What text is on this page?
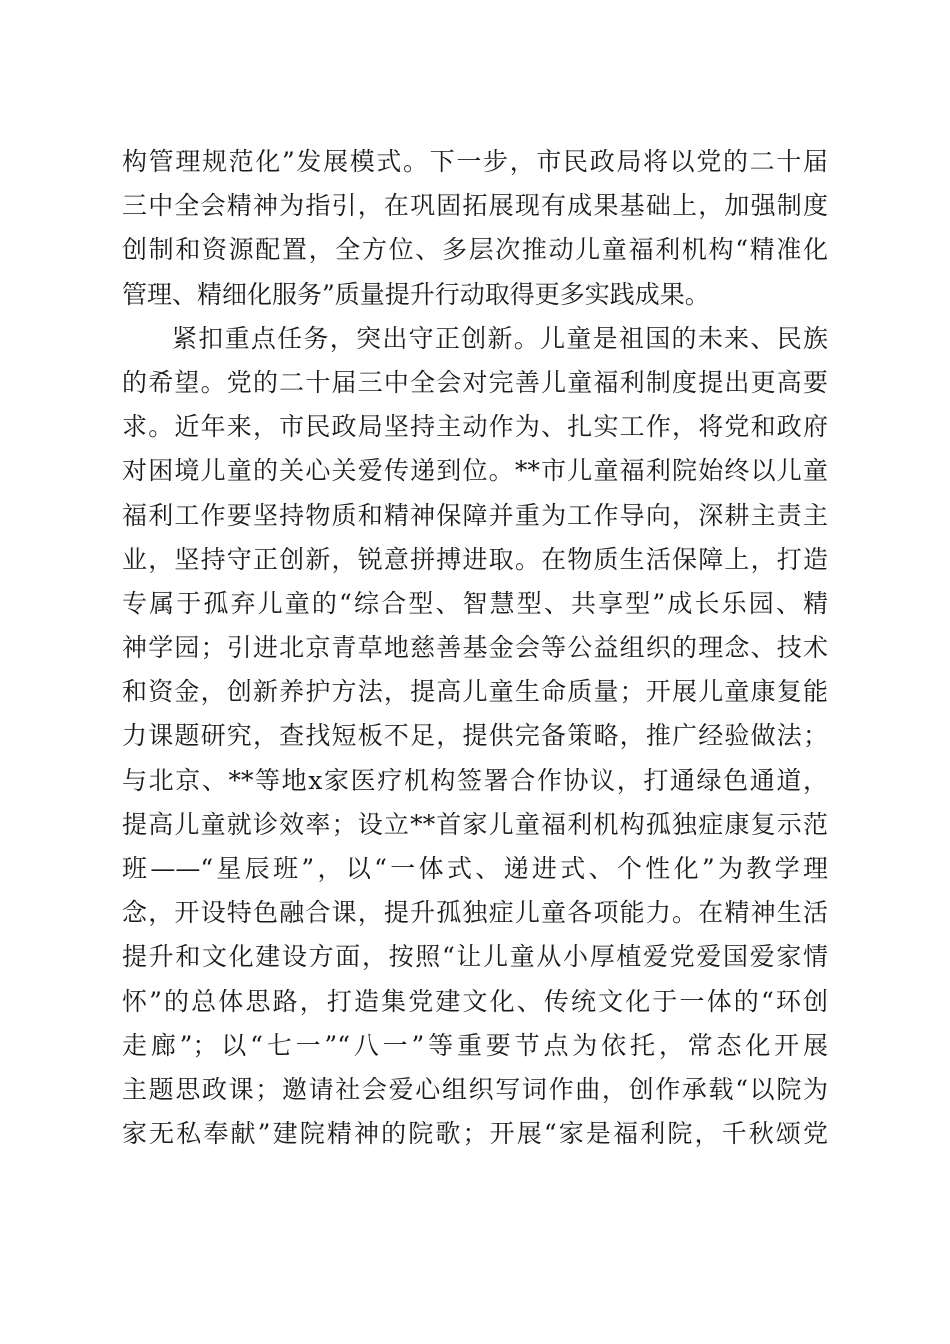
构管理规范化”发展模式。下一步，市民政局将以党的二十届
三中全会精神为指引，在巩固拓展现有成果基础上，加强制度
创制和资源配置，全方位、多层次推动儿童福利机构“精准化
管理、精细化服务”质量提升行动取得更多实践成果。
紧扣重点任务，突出守正创新。儿童是祖国的未来、民族
的希望。党的二十届三中全会对完善儿童福利制度提出更高要
求。近年来，市民政局坚持主动作为、扎实工作，将党和政府
对困境儿童的关心关爱传递到位。**市儿童福利院始终以儿童
福利工作要坚持物质和精神保障并重为工作导向，深耕主责主
业，坚持守正创新，锐意拼搏进取。在物质生活保障上，打造
专属于孤弃儿童的“综合型、智慧型、共享型”成长乐园、精
神学园；引进北京青草地慈善基金会等公益组织的理念、技术
和资金，创新养护方法，提高儿童生命质量；开展儿童康复能
力课题研究，查找短板不足，提供完备策略，推广经验做法；
与北京、**等地x家医疗机构签署合作协议，打通绿色通道，
提高儿童就诊效率；设立**首家儿童福利机构孤独症康复示范
班——“星辰班”，以“一体式、递进式、个性化”为教学理
念，开设特色融合课，提升孤独症儿童各项能力。在精神生活
提升和文化建设方面，按照“让儿童从小厚植爱党爱国爱家情
怀”的总体思路，打造集党建文化、传统文化于一体的“环创
走廊”；以“七一”“八一”等重要节点为依托，常态化开展
主题思政课；邀请社会爱心组织写词作曲，创作承载“以院为
家无私奉献”建院精神的院歌；开展“家是福利院，千秋颂党
